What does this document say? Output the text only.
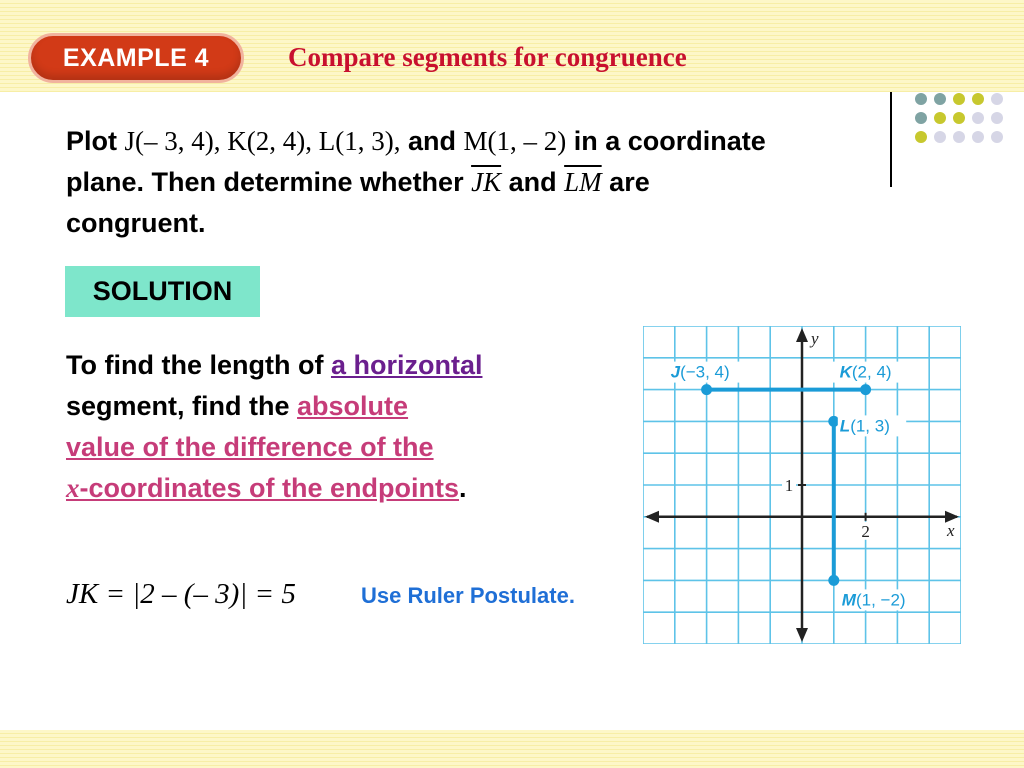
EXAMPLE 4	Compare segments for congruence
Plot J(– 3, 4), K(2, 4), L(1, 3), and M(1, – 2) in a coordinate
plane. Then determine whether $\overline{JK}$ and $\overline{LM}$ are
congruent.
SOLUTION
To find the length of a horizontal
segment, find the absolute
value of the difference of the
x-coordinates of the endpoints.
JK = |2 – (– 3)| = 5	Use Ruler Postulate.
x
y
2
1
J(−3, 4)	K(2, 4)
L(1, 3)
M(1, −2)
